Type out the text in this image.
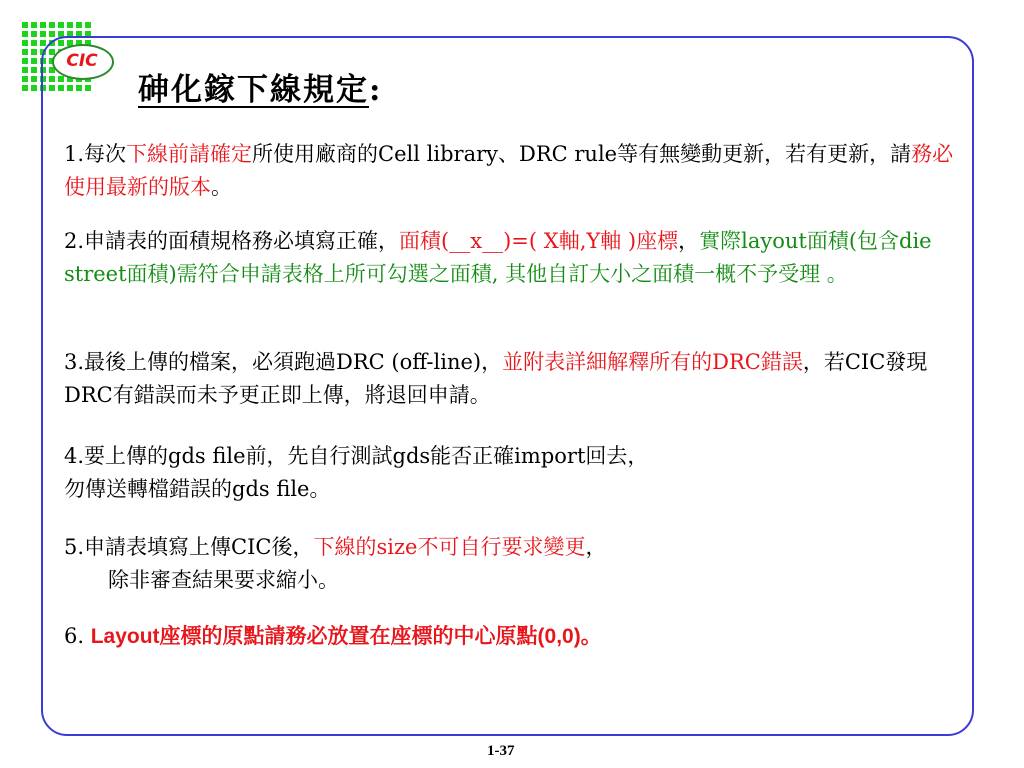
CIC
砷化鎵下線規定:
1.每次下線前請確定所使用廠商的Cell library、DRC rule等有無變動更新，若有更新，請務必使用最新的版本。
2.申請表的面積規格務必填寫正確，面積(__x__)=( X軸,Y軸 )座標，實際layout面積(包含die street面積)需符合申請表格上所可勾選之面積, 其他自訂大小之面積一概不予受理 。
3.最後上傳的檔案，必須跑過DRC (off-line)，並附表詳細解釋所有的DRC錯誤，若CIC發現DRC有錯誤而未予更正即上傳，將退回申請。
4.要上傳的gds file前，先自行測試gds能否正確import回去，
勿傳送轉檔錯誤的gds file。
5.申請表填寫上傳CIC後，下線的size不可自行要求變更，
除非審查結果要求縮小。
6. Layout座標的原點請務必放置在座標的中心原點(0,0)。
1-37
